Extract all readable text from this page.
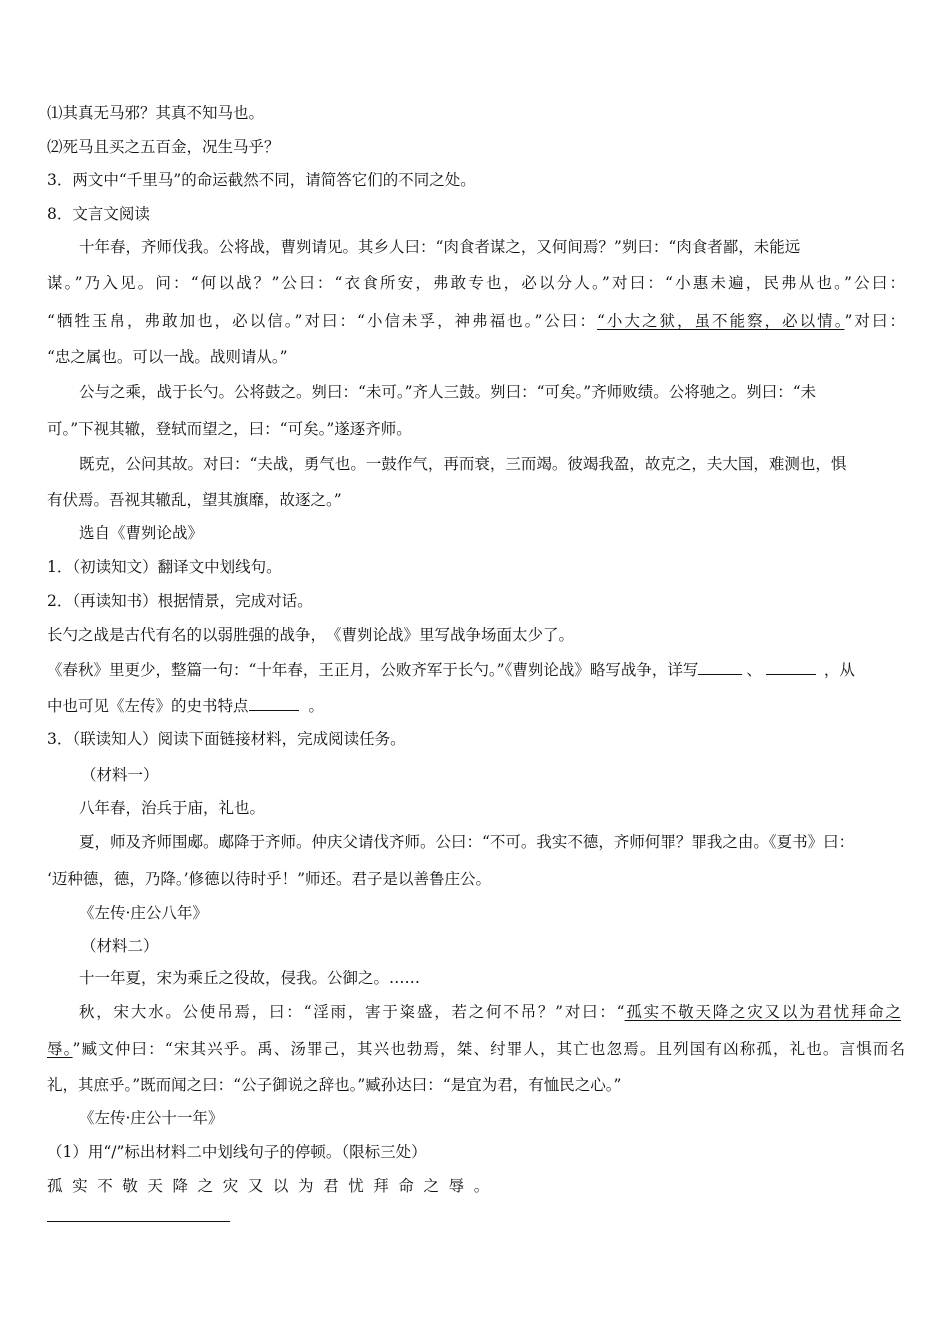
⑴其真无马邪？其真不知马也。
⑵死马且买之五百金，况生马乎？
3．两文中“千里马”的命运截然不同，请简答它们的不同之处。
8．文言文阅读
十年春，齐师伐我。公将战，曹刿请见。其乡人曰：“肉食者谋之，又何间焉？”刿曰：“肉食者鄙，未能远
谋。”乃入见。问：“何以战？”公曰：“衣食所安，弗敢专也，必以分人。”对曰：“小惠未遍，民弗从也。”公曰：
“牺牲玉帛，弗敢加也，必以信。”对曰：“小信未孚，神弗福也。”公曰：“小大之狱，虽不能察，必以情。”对曰：
“忠之属也。可以一战。战则请从。”
公与之乘，战于长勺。公将鼓之。刿曰：“未可。”齐人三鼓。刿曰：“可矣。”齐师败绩。公将驰之。刿曰：“未
可。”下视其辙，登轼而望之，曰：“可矣。”遂逐齐师。
既克，公问其故。对曰：“夫战，勇气也。一鼓作气，再而衰，三而竭。彼竭我盈，故克之，夫大国，难测也，惧
有伏焉。吾视其辙乱，望其旗靡，故逐之。”
选自《曹刿论战》
1．（初读知文）翻译文中划线句。
2．（再读知书）根据情景，完成对话。
长勺之战是古代有名的以弱胜强的战争，　《曹刿论战》里写战争场面太少了。
《春秋》里更少，整篇一句：“十年春，王正月，公败齐军于长勺。”《曹刿论战》略写战争，详写	、	，从
中也可见《左传》的史书特点	。
3．（联读知人）阅读下面链接材料，完成阅读任务。
（材料一）
八年春，治兵于庙，礼也。
夏，师及齐师围郕。郕降于齐师。仲庆父请伐齐师。公曰：“不可。我实不德，齐师何罪？罪我之由。《夏书》曰：
‘迈种德，德，乃降。’修德以待时乎！”师还。君子是以善鲁庄公。
《左传·庄公八年》
（材料二）
十一年夏，宋为乘丘之役故，侵我。公御之。……
秋，宋大水。公使吊焉，曰：“淫雨，害于粢盛，若之何不吊？”对曰：“孤实不敬天降之灾又以为君忧拜命之
辱。”臧文仲曰：“宋其兴乎。禹、汤罪己，其兴也勃焉，桀、纣罪人，其亡也忽焉。且列国有凶称孤，礼也。言惧而名
礼，其庶乎。”既而闻之曰：“公子御说之辞也。”臧孙达曰：“是宜为君，有恤民之心。”
《左传·庄公十一年》
（1）用“/”标出材料二中划线句子的停顿。（限标三处）
孤实不敬天降之灾又以为君忧拜命之辱。
